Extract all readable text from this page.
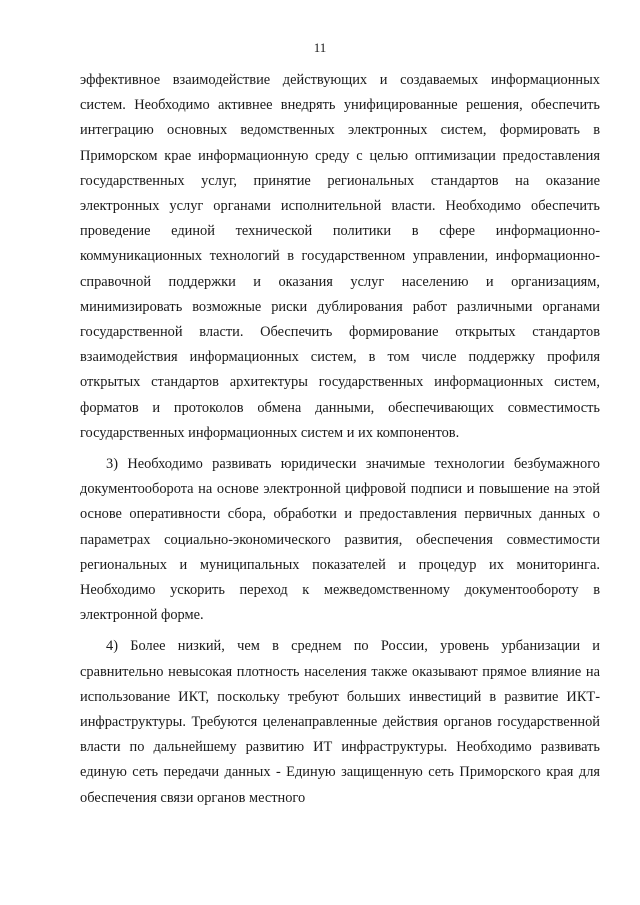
11

эффективное взаимодействие действующих и создаваемых информационных систем. Необходимо активнее внедрять унифицированные решения, обеспечить интеграцию основных ведомственных электронных систем, формировать в Приморском крае информационную среду с целью оптимизации предоставления государственных услуг, принятие региональных стандартов на оказание электронных услуг органами исполнительной власти. Необходимо обеспечить проведение единой технической политики в сфере информационно-коммуникационных технологий в государственном управлении, информационно-справочной поддержки и оказания услуг населению и организациям, минимизировать возможные риски дублирования работ различными органами государственной власти. Обеспечить формирование открытых стандартов взаимодействия информационных систем, в том числе поддержку профиля открытых стандартов архитектуры государственных информационных систем, форматов и протоколов обмена данными, обеспечивающих совместимость государственных информационных систем и их компонентов.

3) Необходимо развивать юридически значимые технологии безбумажного документооборота на основе электронной цифровой подписи и повышение на этой основе оперативности сбора, обработки и предоставления первичных данных о параметрах социально-экономического развития, обеспечения совместимости региональных и муниципальных показателей и процедур их мониторинга. Необходимо ускорить переход к межведомственному документообороту в электронной форме.

4) Более низкий, чем в среднем по России, уровень урбанизации и сравнительно невысокая плотность населения также оказывают прямое влияние на использование ИКТ, поскольку требуют больших инвестиций в развитие ИКТ-инфраструктуры. Требуются целенаправленные действия органов государственной власти по дальнейшему развитию ИТ инфраструктуры. Необходимо развивать единую сеть передачи данных - Единую защищенную сеть Приморского края для обеспечения связи органов местного
